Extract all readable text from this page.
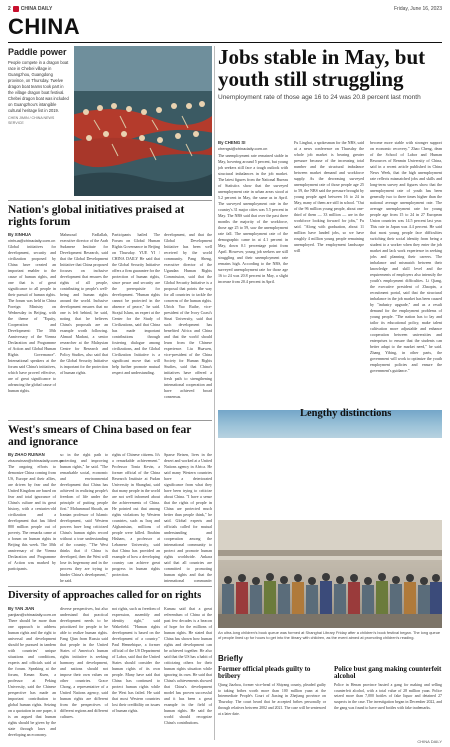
2 CHINA DAILY	Friday, June 16, 2023
CHINA
Paddle power

People compete in a dragon boat race in Chebei village in Guangzhou, Guangdong province, on Thursday. Twelve dragon boat teams took part in the village dragon boat festival. Chebei dragon boat was included on Guangzhou's intangible cultural heritage list in 2019.

CHEN JIMIN / CHINA NEWS SERVICE

Jobs stable in May, but youth still struggling
Unemployment rate of those age 16 to 24 was 20.8 percent last month
By CHENG SI
chengsi@chinadaily.com.cn
The unemployment rate remained stable in May, hovering around 5 percent, but young job seekers still face a tough outlook with structural imbalances in the job market. The latest figures from the National Bureau of Statistics show that the surveyed unemployment rate in urban areas stood at 5.2 percent in May, the same as in April. The surveyed unemployment rate in the country's 31 major cities was 5.5 percent in May. The NBS said that over the past three months the majority of the workforce, those age 25 to 59, saw the unemployment rate fall. The unemployment rate of the demographic came in at 4.1 percent in May, down 0.1 percentage point from April. However, young job seekers are still struggling and their unemployment rate remains high. According to the NBS, the surveyed unemployment rate for those age 16 to 24 was 20.8 percent in May, a slight increase from 20.4 percent in April.
Fu Linghui, a spokesman for the NBS, said at a news conference on Thursday the whole job market is bearing greater pressure because of the increasing total number and the structural imbalance between market demand and workforce supply. As the decreasing surveyed unemployment rate of those people age 25 to 59, the NBS said the pressure brought by young people aged between 16 to 24 in May, many of them are still in school. "Out of the 96 million young people, about one-third of them — 33 million — are in the workforce looking forward for jobs," Fu said. "Along with graduation, about 11 million have landed jobs, so we have roughly 4 million young people remaining unemployed. The employment landscape will
become more stable with stronger support on economic recovery." Zhao Cheng, dean of the School of Labor and Human Resources of Renmin University of China, said in a recent article published in China News Week, that the high unemployment rate reflects mismatched jobs and skills and long-term survey and figures show that the unemployment rate of youth has been generally two to three times higher than the national average unemployment rate. The average unemployment rate for young people age from 15 to 24 in 27 European Union countries was 14.5 percent last year. This rate in Japan was 4.4 percent. He said that most young people face difficulties switching their social identity from being a student to a worker when they enter the job market and lack work experience in seeking jobs and planning their careers. The imbalance and mismatch between their knowledge and skill level and the requirements of employers also intensify the youth's employment difficulties. Li Qiang, the executive president of Zhaopin, a recruitment portal, said that the structural imbalance in the job market has been caused by "industry upgrade," and as a result demand for the employment problems of young people. "The nation has to lay and tailor its educational policy, make talent cultivation more adjustable and enhance cooperation between universities and enterprises to ensure that the students can better adapt to the market need," he said. Zhang Yibing, in other parts, the government will work to optimize the youth employment policies and ensure the government's guidance."
Nation's global initiatives praised at rights forum
By XINHUA
xinhua@chinadaily.com.cn
Global initiatives for development, security and civilization proposed by China have created an important enabler to the cause of human rights, and one that is of great significance to all people in their pursuit of human rights. The forum was held in China Foreign Ministry on Wednesday in Beijing, with the theme of "Equity, Cooperation and Development: The 30th Anniversary of the Vienna Declaration and Programme of Action and Global Human Rights Governance". International speakers at the forum said China's initiatives, which have proved effective, are of great significance to advancing the global cause of human rights.
Mahmoud Fadlallah, executive director of the Arab Sudanese Institute for Development Research, said that the Global Development Initiative that China proposed focuses on inclusive development that ensures the rights of all people, contributing to people's well-being and human rights around the world. Inclusive development ensures that no one is left behind, he said, noting that he believes China's proposals are an example worth following. Ahmad Madani, a senior researcher at the Malaysian Centre for Research and Policy Studies, also said that the Global Security Initiative is important for the protection of human rights.
Participants hailed The Forum on Global Human Rights Governance in Beijing on Thursday. YUE YI / CHINA DAILY He said that the Global Security Initiative offers a firm guarantee for the protection of human rights, since peace and security are the prerequisite for development. "Human rights cannot be protected in the absence of peace," he said. Sirajul Islam, an expert at the Center for the Study of Civilizations, said that China has made important contributions through fostering dialogue among civilizations, and the Global Civilization Initiative is a significant move that will help further promote mutual respect and understanding.
development, and that the Global Development Initiative has been well received by the world community. Pang Sheng, executive director of the Ugandan Human Rights Commission, said that the Global Security Initiative is a proposal that points the way for all countries to tackle the concerns of the human rights. Ulrich Yao Ruihe, vice-president of the Ivory Coast's Sinai University, said that such development has benefited Africa and China and that the world should learn from the Chinese experience. Liu Huawen, vice-president of the China Society for Human Rights Studies, said that China's initiatives have offered a fresh path to strengthening international cooperation and have achieved broad consensus.
West's smears of China based on fear and ignorance
By ZHAO RUINAN
zhaoruinan@chinadaily.com.cn
The ongoing efforts to demonize China coming from US, Europe and their allies, are driven by fear and the United Kingdom are based on fear and total ignorance of China's culture and its great history, with a centuries-old civilization and a development that has lifted 800 million people out of poverty. The remarks came at a forum on human rights in Beijing this week. The 30th anniversary of the Vienna Declaration and Programme of Action was marked by participants.
so in the right path to protecting and improving human rights," he said. "The remarkable social, economic and environmental development that China has achieved in realizing people's freedom of life under the principle of putting people first." Mohammad Shoaib, an Iranian professor of Islamic development, said Western powers have long criticized China's human rights record without a true understanding of the country. "The West thinks that if China is developed, then the West will lose its hegemony and in the process they are trying to hinder China's development," he said.
rights of Chinese citizens. It's a remarkable achievement." Professor Tonia Kevin, a former official of the China Research Institute at Fudan University in Shanghai, said that many people in the world are not well informed about the achievements of China. He pointed out that among rights violations by Western countries, such as Iraq and Afghanistan, millions of people were killed. Ibrahim Hisham, a professor at Lebanese University, said that China has provided an example of how a developing country can achieve great progress in human rights protection.
Sparse Beisen, lives in the desert and worked at a United Nations agency in Africa. He said many Western countries have a deteriorated significance from what they have been trying to criticize about China. "I have a sense that the rights of people in China are protected much better than people think," he said. Global experts and officials called for mutual understanding and cooperation among the international community to protect and promote human rights worldwide. Ankara said that all countries are committed to promoting human rights and that the international community
Diversity of approaches called for on rights
By YAN JIAN
yanjian@chinadaily.com.cn
There should be more than one approach to address human rights and the right to universal and development should be pursued in tandem with countries' unique situations and conditions, experts and officials said at the forum. Speaking at the forum, Kenan Kuen, a professor at Peking University, said the Chinese perspective has made an important contribution to global human rights. Seizing on a quotation in one paper, it is an argued that human rights should be given by the state through laws and developing an economy.
diverse perspectives, but also understand that practical development needs to be prioritized for people to be able to realize human rights. Fang Qian from Russia said that people in the United States of America's human rights initiative is seeking harmony and development, and nations should not impose their own values on other countries. Grace Chong, a representative of a United Nations agency, said human rights are different from the perspectives of different regions and different cultures.
not rights, such as freedom of expression, assembly and identity right," said Wakefield. "Human rights development is based on the development of a country." Paul Hennebique, a former official of the US Department of Labor, said that the United States should consider the human rights of its own people. Many have said that China has continued to protect human rights while the West has failed. He said that most Western countries lost their credibility on issues of human rights.
Kamau said that a great referendum of China at the past few decades is a beacon of hope for the millions of human rights. He stated that China has shown how human rights and development can be achieved together. He also said that the US has a habit of criticizing others for their human rights situation while ignoring its own. He said that China's achievements showed that China's development model has proven successful and it has been a great example in the field of human rights. He said the world should recognize China's contributions.
Lengthy distinctions
An ultra-long children's book queue was formed at Shanghai Library Friday after a children's book festival began. The long queue of people lined up for hours to get into the library with children, as the event aimed at promoting children's reading.
Briefly
Former official pleads guilty to bribery

Qiang Jiazhou, former vice-head of Shiyang county, pleaded guilty to taking bribes worth more than 100 million yuan at the Intermediate People's Court of Jiaxing in Zhejiang province on Thursday. The court heard that he accepted bribes personally or through relatives between 2002 and 2021. The case will be sentenced at a later date.

Police bust gang making counterfeit alcohol

Police in Henan province busted a gang for making and selling counterfeit alcohol, with a total value of 28 million yuan. Police seized more than 7,000 bottles of fake liquor and detained 27 suspects in the case. The investigation began in December 2022, and the gang was found to have used bottles with fake trademarks.

CHINA DAILY
